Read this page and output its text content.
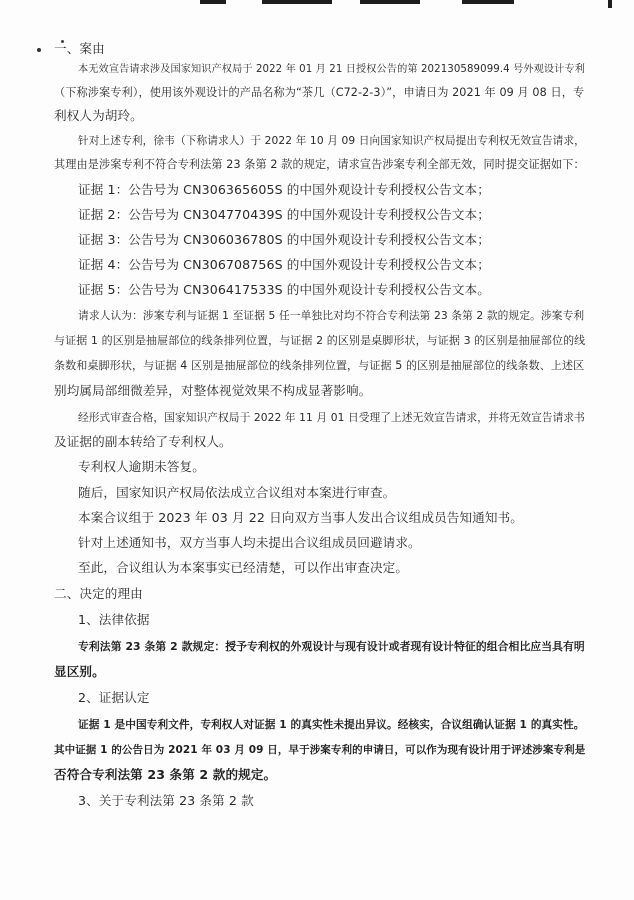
一、案由
本无效宣告请求涉及国家知识产权局于 2022 年 01 月 21 日授权公告的第 202130589099.4 号外观设计专利
（下称涉案专利），使用该外观设计的产品名称为“茶几（C72-2-3）”，申请日为 2021 年 09 月 08 日，专
利权人为胡玲。
针对上述专利，徐韦（下称请求人）于 2022 年 10 月 09 日向国家知识产权局提出专利权无效宣告请求，
其理由是涉案专利不符合专利法第 23 条第 2 款的规定，请求宣告涉案专利全部无效，同时提交证据如下：
证据 1：公告号为 CN306365605S 的中国外观设计专利授权公告文本；
证据 2：公告号为 CN304770439S 的中国外观设计专利授权公告文本；
证据 3：公告号为 CN306036780S 的中国外观设计专利授权公告文本；
证据 4：公告号为 CN306708756S 的中国外观设计专利授权公告文本；
证据 5：公告号为 CN306417533S 的中国外观设计专利授权公告文本。
请求人认为：涉案专利与证据 1 至证据 5 任一单独比对均不符合专利法第 23 条第 2 款的规定。涉案专利
与证据 1 的区别是抽屉部位的线条排列位置，与证据 2 的区别是桌脚形状，与证据 3 的区别是抽屉部位的线
条数和桌脚形状，与证据 4 区别是抽屉部位的线条排列位置，与证据 5 的区别是抽屉部位的线条数、上述区
别均属局部细微差异，对整体视觉效果不构成显著影响。
经形式审查合格，国家知识产权局于 2022 年 11 月 01 日受理了上述无效宣告请求，并将无效宣告请求书
及证据的副本转给了专利权人。
专利权人逾期未答复。
随后，国家知识产权局依法成立合议组对本案进行审查。
本案合议组于 2023 年 03 月 22 日向双方当事人发出合议组成员告知通知书。
针对上述通知书，双方当事人均未提出合议组成员回避请求。
至此，合议组认为本案事实已经清楚，可以作出审查决定。
二、决定的理由
1、法律依据
专利法第 23 条第 2 款规定：授予专利权的外观设计与现有设计或者现有设计特征的组合相比应当具有明
显区别。
2、证据认定
证据 1 是中国专利文件，专利权人对证据 1 的真实性未提出异议。经核实，合议组确认证据 1 的真实性。
其中证据 1 的公告日为 2021 年 03 月 09 日，早于涉案专利的申请日，可以作为现有设计用于评述涉案专利是
否符合专利法第 23 条第 2 款的规定。
3、关于专利法第 23 条第 2 款
